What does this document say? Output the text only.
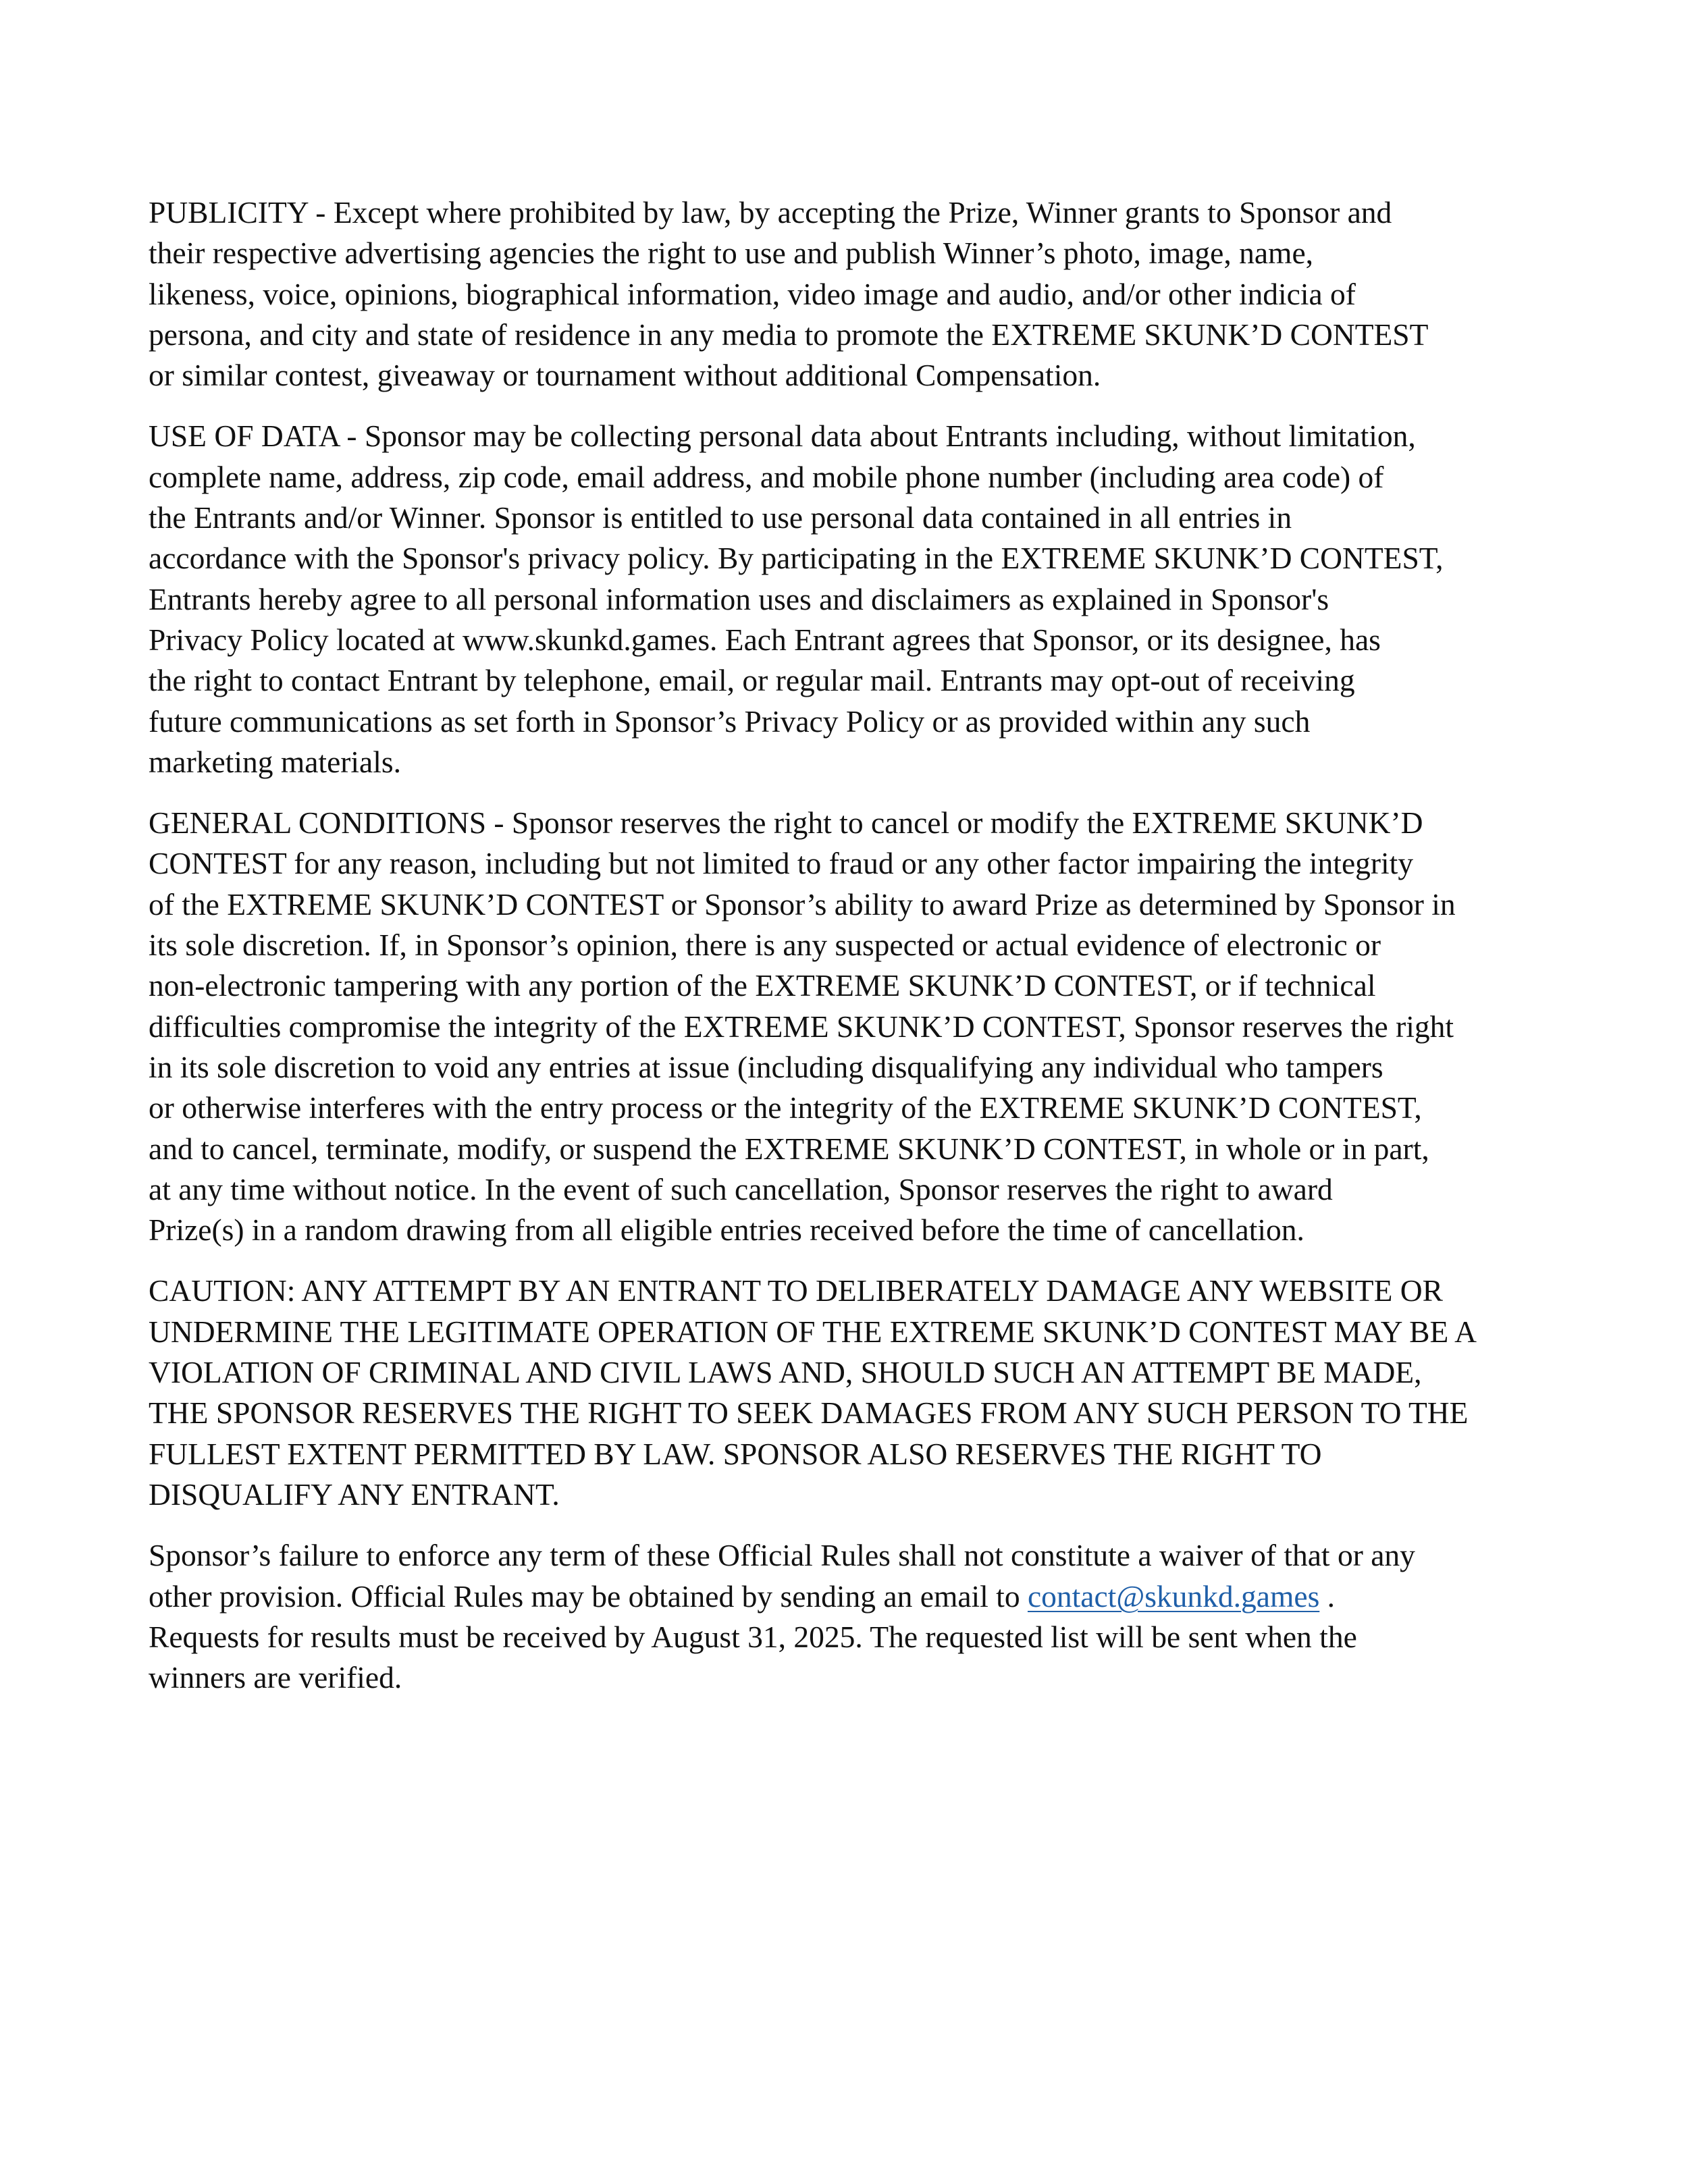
PUBLICITY - Except where prohibited by law, by accepting the Prize, Winner grants to Sponsor and
their respective advertising agencies the right to use and publish Winner’s photo, image, name,
likeness, voice, opinions, biographical information, video image and audio, and/or other indicia of
persona, and city and state of residence in any media to promote the EXTREME SKUNK’D CONTEST
or similar contest, giveaway or tournament without additional Compensation.

USE OF DATA - Sponsor may be collecting personal data about Entrants including, without limitation,
complete name, address, zip code, email address, and mobile phone number (including area code) of
the Entrants and/or Winner. Sponsor is entitled to use personal data contained in all entries in
accordance with the Sponsor's privacy policy. By participating in the EXTREME SKUNK’D CONTEST,
Entrants hereby agree to all personal information uses and disclaimers as explained in Sponsor's
Privacy Policy located at www.skunkd.games. Each Entrant agrees that Sponsor, or its designee, has
the right to contact Entrant by telephone, email, or regular mail. Entrants may opt-out of receiving
future communications as set forth in Sponsor’s Privacy Policy or as provided within any such
marketing materials.

GENERAL CONDITIONS - Sponsor reserves the right to cancel or modify the EXTREME SKUNK’D
CONTEST for any reason, including but not limited to fraud or any other factor impairing the integrity
of the EXTREME SKUNK’D CONTEST or Sponsor’s ability to award Prize as determined by Sponsor in
its sole discretion. If, in Sponsor’s opinion, there is any suspected or actual evidence of electronic or
non-electronic tampering with any portion of the EXTREME SKUNK’D CONTEST, or if technical
difficulties compromise the integrity of the EXTREME SKUNK’D CONTEST, Sponsor reserves the right
in its sole discretion to void any entries at issue (including disqualifying any individual who tampers
or otherwise interferes with the entry process or the integrity of the EXTREME SKUNK’D CONTEST,
and to cancel, terminate, modify, or suspend the EXTREME SKUNK’D CONTEST, in whole or in part,
at any time without notice. In the event of such cancellation, Sponsor reserves the right to award
Prize(s) in a random drawing from all eligible entries received before the time of cancellation.

CAUTION: ANY ATTEMPT BY AN ENTRANT TO DELIBERATELY DAMAGE ANY WEBSITE OR
UNDERMINE THE LEGITIMATE OPERATION OF THE EXTREME SKUNK’D CONTEST MAY BE A
VIOLATION OF CRIMINAL AND CIVIL LAWS AND, SHOULD SUCH AN ATTEMPT BE MADE,
THE SPONSOR RESERVES THE RIGHT TO SEEK DAMAGES FROM ANY SUCH PERSON TO THE
FULLEST EXTENT PERMITTED BY LAW. SPONSOR ALSO RESERVES THE RIGHT TO
DISQUALIFY ANY ENTRANT.

Sponsor’s failure to enforce any term of these Official Rules shall not constitute a waiver of that or any
other provision. Official Rules may be obtained by sending an email to contact@skunkd.games .
Requests for results must be received by August 31, 2025. The requested list will be sent when the
winners are verified.
